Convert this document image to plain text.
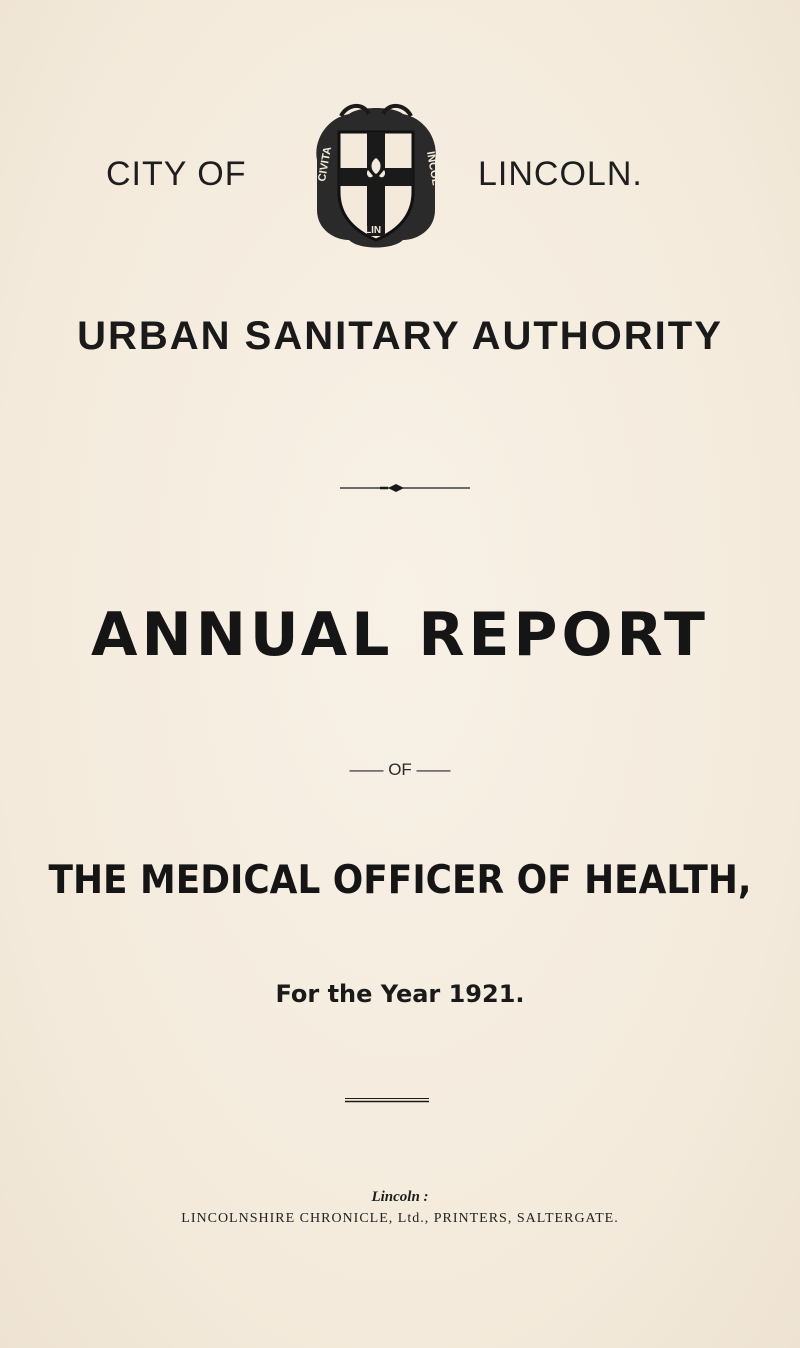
CITY OF	CIVITA	INCOL
LIN
LINCOLN.
URBAN SANITARY AUTHORITY
ANNUAL REPORT
—— OF ——
THE MEDICAL OFFICER OF HEALTH,
For the Year 1921.
Lincoln :
LINCOLNSHIRE CHRONICLE, Ltd., PRINTERS, SALTERGATE.
